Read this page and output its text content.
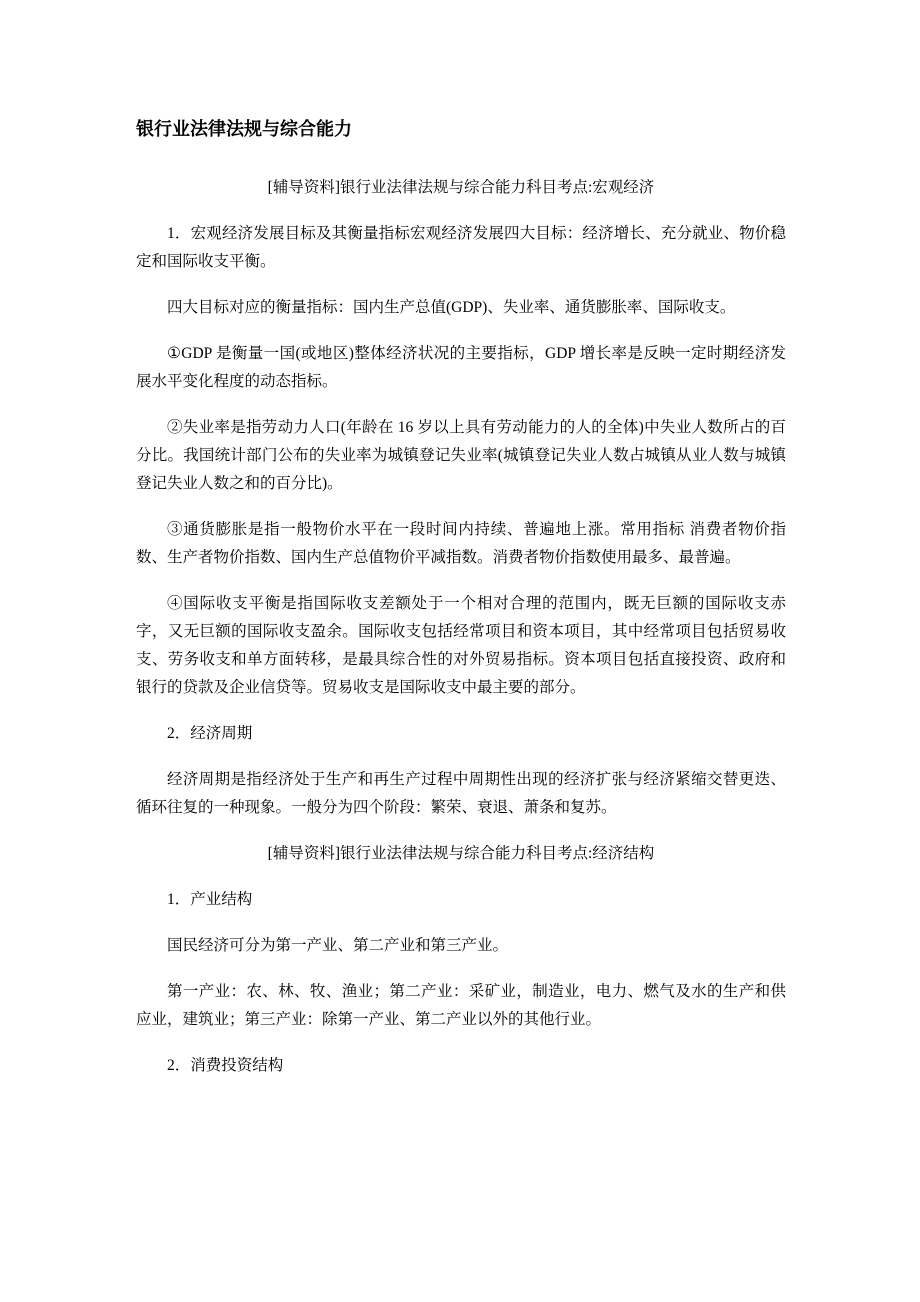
银行业法律法规与综合能力

[辅导资料]银行业法律法规与综合能力科目考点:宏观经济

1．宏观经济发展目标及其衡量指标宏观经济发展四大目标：经济增长、充分就业、物价稳定和国际收支平衡。

四大目标对应的衡量指标：国内生产总值(GDP)、失业率、通货膨胀率、国际收支。

①GDP 是衡量一国(或地区)整体经济状况的主要指标，GDP 增长率是反映一定时期经济发展水平变化程度的动态指标。

②失业率是指劳动力人口(年龄在 16 岁以上具有劳动能力的人的全体)中失业人数所占的百分比。我国统计部门公布的失业率为城镇登记失业率(城镇登记失业人数占城镇从业人数与城镇登记失业人数之和的百分比)。

③通货膨胀是指一般物价水平在一段时间内持续、普遍地上涨。常用指标 消费者物价指数、生产者物价指数、国内生产总值物价平减指数。消费者物价指数使用最多、最普遍。

④国际收支平衡是指国际收支差额处于一个相对合理的范围内，既无巨额的国际收支赤字，又无巨额的国际收支盈余。国际收支包括经常项目和资本项目，其中经常项目包括贸易收支、劳务收支和单方面转移，是最具综合性的对外贸易指标。资本项目包括直接投资、政府和银行的贷款及企业信贷等。贸易收支是国际收支中最主要的部分。

2．经济周期

经济周期是指经济处于生产和再生产过程中周期性出现的经济扩张与经济紧缩交替更迭、循环往复的一种现象。一般分为四个阶段：繁荣、衰退、萧条和复苏。

[辅导资料]银行业法律法规与综合能力科目考点:经济结构

1．产业结构

国民经济可分为第一产业、第二产业和第三产业。

第一产业：农、林、牧、渔业；第二产业：采矿业，制造业，电力、燃气及水的生产和供应业，建筑业；第三产业：除第一产业、第二产业以外的其他行业。

2．消费投资结构
